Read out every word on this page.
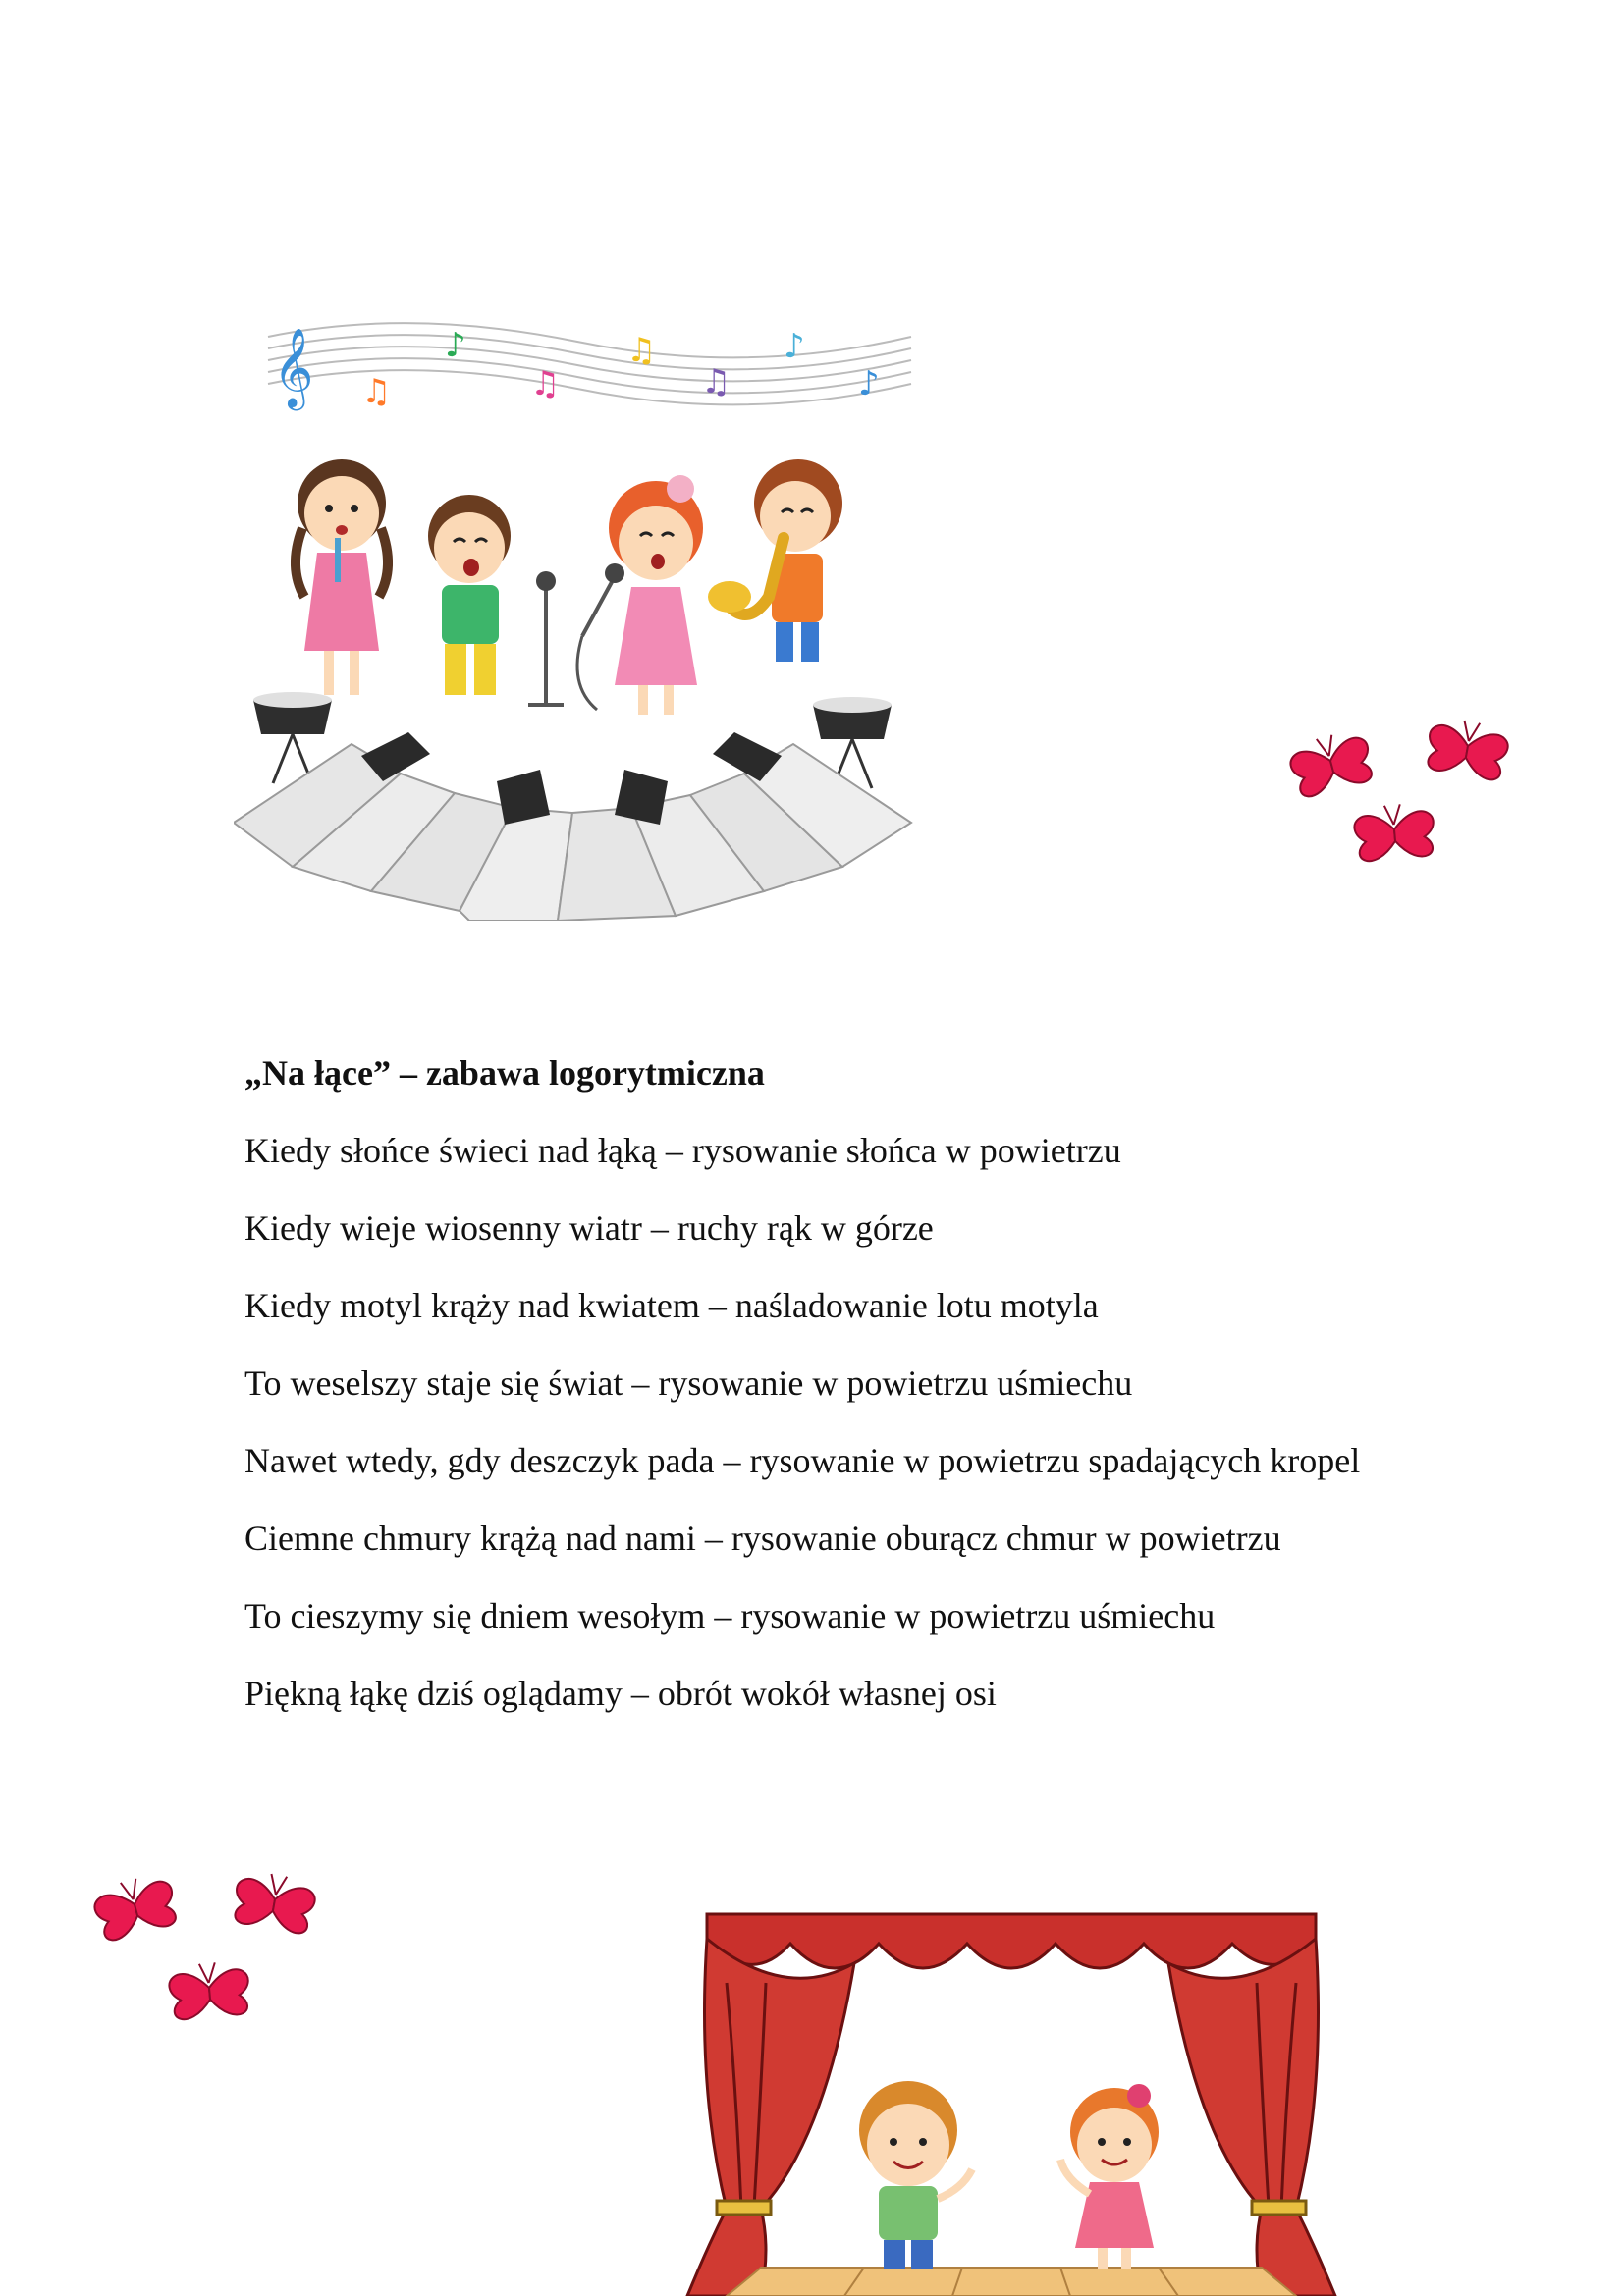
𝄞 ♫
♪
♫
♫
♫
♪
♪

„Na łące” – zabawa logorytmiczna

Kiedy słońce świeci nad łąką – rysowanie słońca w powietrzu

Kiedy wieje wiosenny wiatr – ruchy rąk w górze

Kiedy motyl krąży nad kwiatem – naśladowanie lotu motyla

To weselszy staje się świat – rysowanie w powietrzu uśmiechu

Nawet wtedy, gdy deszczyk pada – rysowanie w powietrzu spadających kropel

Ciemne chmury krążą nad nami – rysowanie oburącz chmur w powietrzu

To cieszymy się dniem wesołym – rysowanie w powietrzu uśmiechu

Piękną łąkę dziś oglądamy – obrót wokół własnej osi
